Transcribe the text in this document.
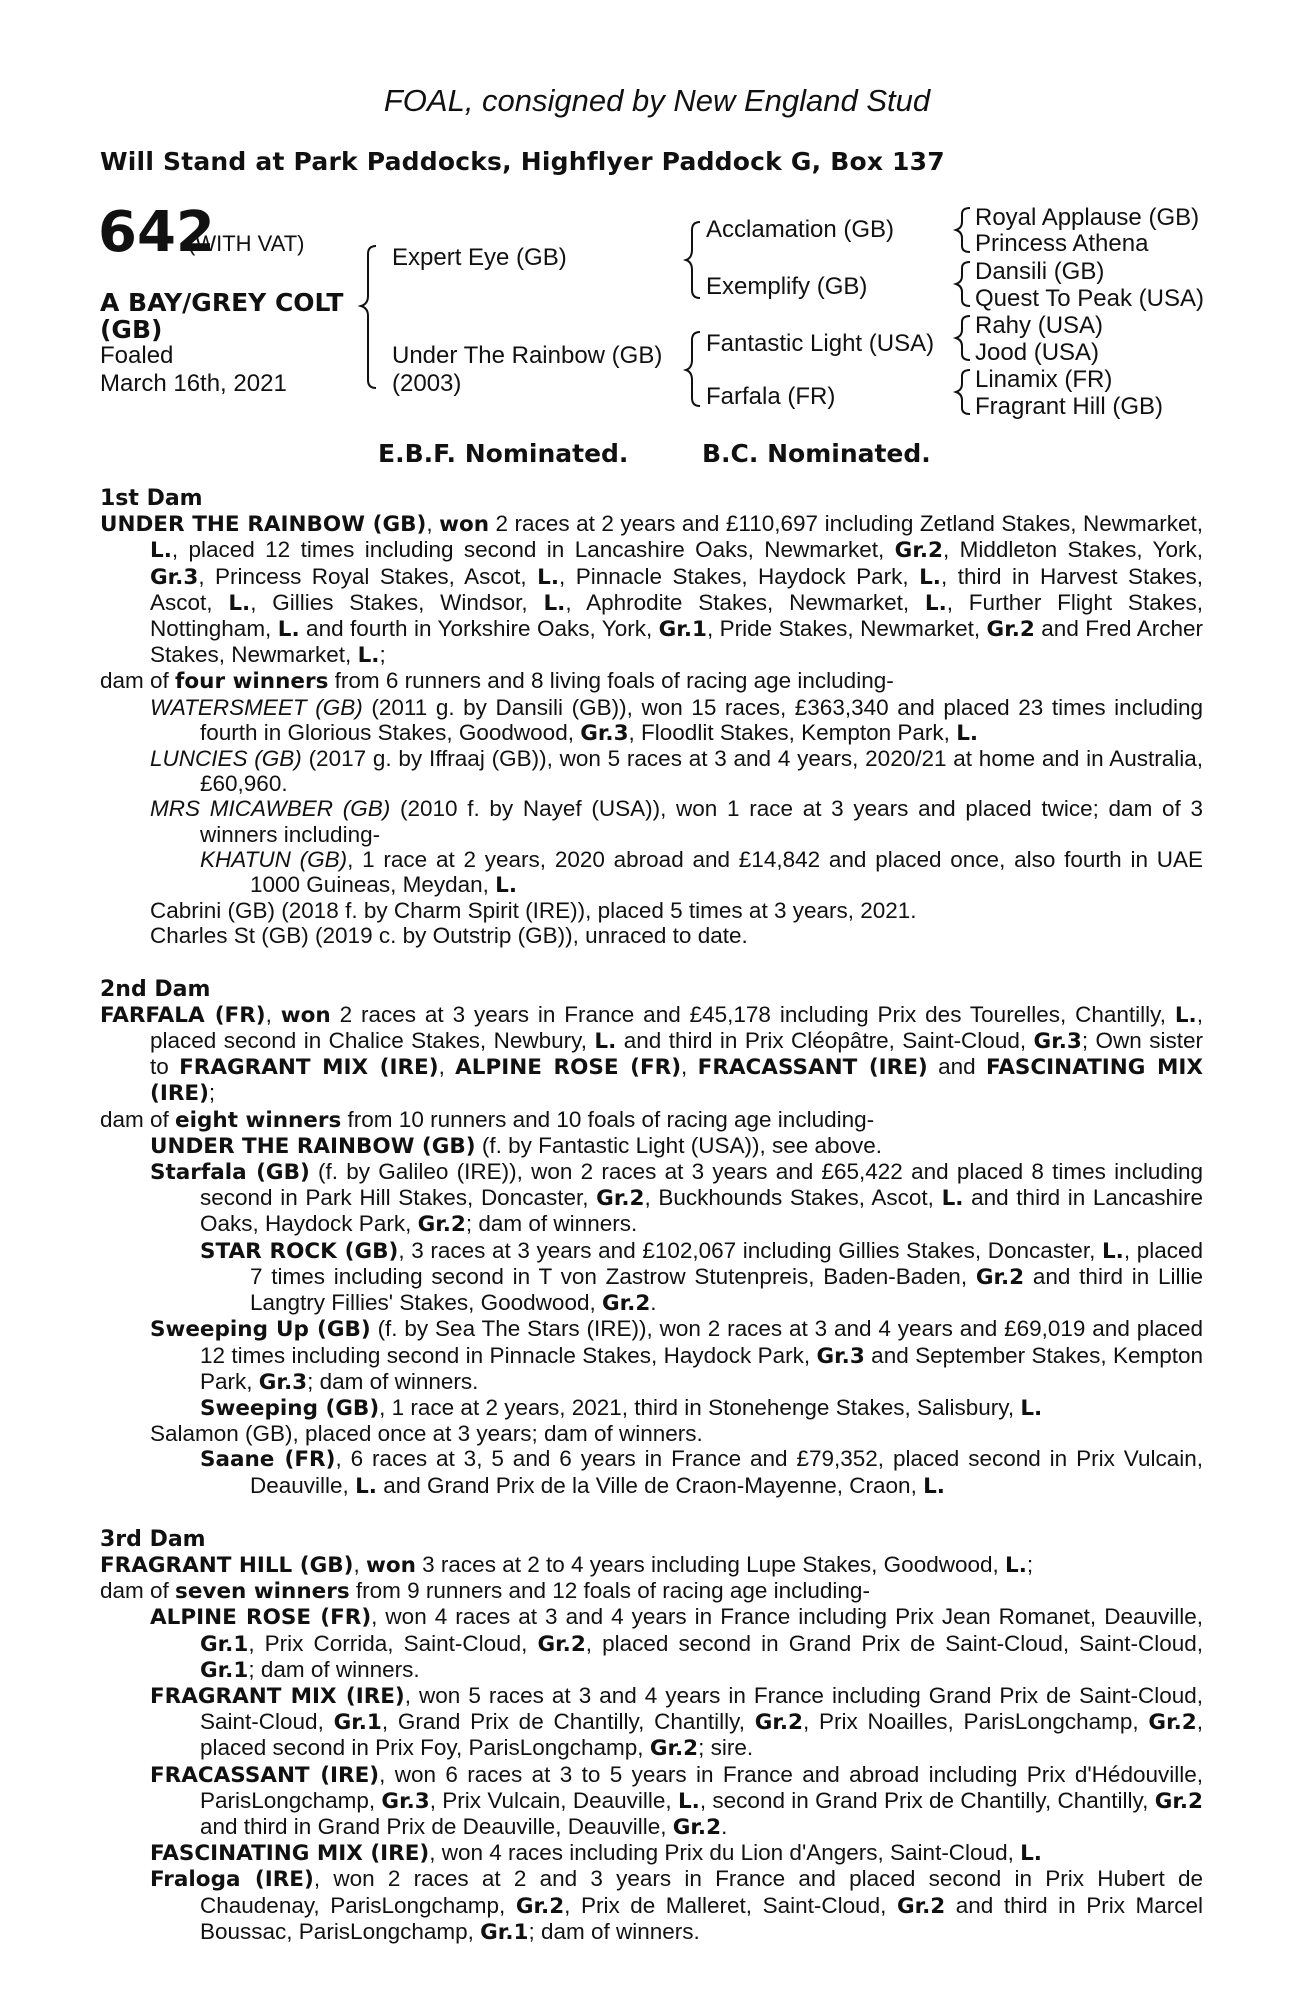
FOAL, consigned by New England Stud
Will Stand at Park Paddocks, Highflyer Paddock G, Box 137
642
(WITH VAT)
A BAY/GREY COLT
(GB)
Foaled
March 16th, 2021
Expert Eye (GB)
Under The Rainbow (GB)
(2003)
Acclamation (GB)
Exemplify (GB)
Fantastic Light (USA)
Farfala (FR)
Royal Applause (GB)
Princess Athena
Dansili (GB)
Quest To Peak (USA)
Rahy (USA)
Jood (USA)
Linamix (FR)
Fragrant Hill (GB)
E.B.F. Nominated.	B.C. Nominated.

1st Dam

UNDER THE RAINBOW (GB), won 2 races at 2 years and £110,697 including Zetland Stakes, Newmarket, L., placed 12 times including second in Lancashire Oaks, Newmarket, Gr.2, Middleton Stakes, York, Gr.3, Princess Royal Stakes, Ascot, L., Pinnacle Stakes, Haydock Park, L., third in Harvest Stakes, Ascot, L., Gillies Stakes, Windsor, L., Aphrodite Stakes, Newmarket, L., Further Flight Stakes, Nottingham, L. and fourth in Yorkshire Oaks, York, Gr.1, Pride Stakes, Newmarket, Gr.2 and Fred Archer Stakes, Newmarket, L.;

dam of four winners from 6 runners and 8 living foals of racing age including-

WATERSMEET (GB) (2011 g. by Dansili (GB)), won 15 races, £363,340 and placed 23 times including fourth in Glorious Stakes, Goodwood, Gr.3, Floodlit Stakes, Kempton Park, L.

LUNCIES (GB) (2017 g. by Iffraaj (GB)), won 5 races at 3 and 4 years, 2020/21 at home and in Australia, £60,960.

MRS MICAWBER (GB) (2010 f. by Nayef (USA)), won 1 race at 3 years and placed twice; dam of 3 winners including-

KHATUN (GB), 1 race at 2 years, 2020 abroad and £14,842 and placed once, also fourth in UAE 1000 Guineas, Meydan, L.

Cabrini (GB) (2018 f. by Charm Spirit (IRE)), placed 5 times at 3 years, 2021.

Charles St (GB) (2019 c. by Outstrip (GB)), unraced to date.

2nd Dam

FARFALA (FR), won 2 races at 3 years in France and £45,178 including Prix des Tourelles, Chantilly, L., placed second in Chalice Stakes, Newbury, L. and third in Prix Cléopâtre, Saint-Cloud, Gr.3; Own sister to FRAGRANT MIX (IRE), ALPINE ROSE (FR), FRACASSANT (IRE) and FASCINATING MIX (IRE);

dam of eight winners from 10 runners and 10 foals of racing age including-

UNDER THE RAINBOW (GB) (f. by Fantastic Light (USA)), see above.

Starfala (GB) (f. by Galileo (IRE)), won 2 races at 3 years and £65,422 and placed 8 times including second in Park Hill Stakes, Doncaster, Gr.2, Buckhounds Stakes, Ascot, L. and third in Lancashire Oaks, Haydock Park, Gr.2; dam of winners.

STAR ROCK (GB), 3 races at 3 years and £102,067 including Gillies Stakes, Doncaster, L., placed 7 times including second in T von Zastrow Stutenpreis, Baden-Baden, Gr.2 and third in Lillie Langtry Fillies' Stakes, Goodwood, Gr.2.

Sweeping Up (GB) (f. by Sea The Stars (IRE)), won 2 races at 3 and 4 years and £69,019 and placed 12 times including second in Pinnacle Stakes, Haydock Park, Gr.3 and September Stakes, Kempton Park, Gr.3; dam of winners.

Sweeping (GB), 1 race at 2 years, 2021, third in Stonehenge Stakes, Salisbury, L.

Salamon (GB), placed once at 3 years; dam of winners.

Saane (FR), 6 races at 3, 5 and 6 years in France and £79,352, placed second in Prix Vulcain, Deauville, L. and Grand Prix de la Ville de Craon-Mayenne, Craon, L.

3rd Dam

FRAGRANT HILL (GB), won 3 races at 2 to 4 years including Lupe Stakes, Goodwood, L.;

dam of seven winners from 9 runners and 12 foals of racing age including-

ALPINE ROSE (FR), won 4 races at 3 and 4 years in France including Prix Jean Romanet, Deauville, Gr.1, Prix Corrida, Saint-Cloud, Gr.2, placed second in Grand Prix de Saint-Cloud, Saint-Cloud, Gr.1; dam of winners.

FRAGRANT MIX (IRE), won 5 races at 3 and 4 years in France including Grand Prix de Saint-Cloud, Saint-Cloud, Gr.1, Grand Prix de Chantilly, Chantilly, Gr.2, Prix Noailles, ParisLongchamp, Gr.2, placed second in Prix Foy, ParisLongchamp, Gr.2; sire.

FRACASSANT (IRE), won 6 races at 3 to 5 years in France and abroad including Prix d'Hédouville, ParisLongchamp, Gr.3, Prix Vulcain, Deauville, L., second in Grand Prix de Chantilly, Chantilly, Gr.2 and third in Grand Prix de Deauville, Deauville, Gr.2.

FASCINATING MIX (IRE), won 4 races including Prix du Lion d'Angers, Saint-Cloud, L.

Fraloga (IRE), won 2 races at 2 and 3 years in France and placed second in Prix Hubert de Chaudenay, ParisLongchamp, Gr.2, Prix de Malleret, Saint-Cloud, Gr.2 and third in Prix Marcel Boussac, ParisLongchamp, Gr.1; dam of winners.
